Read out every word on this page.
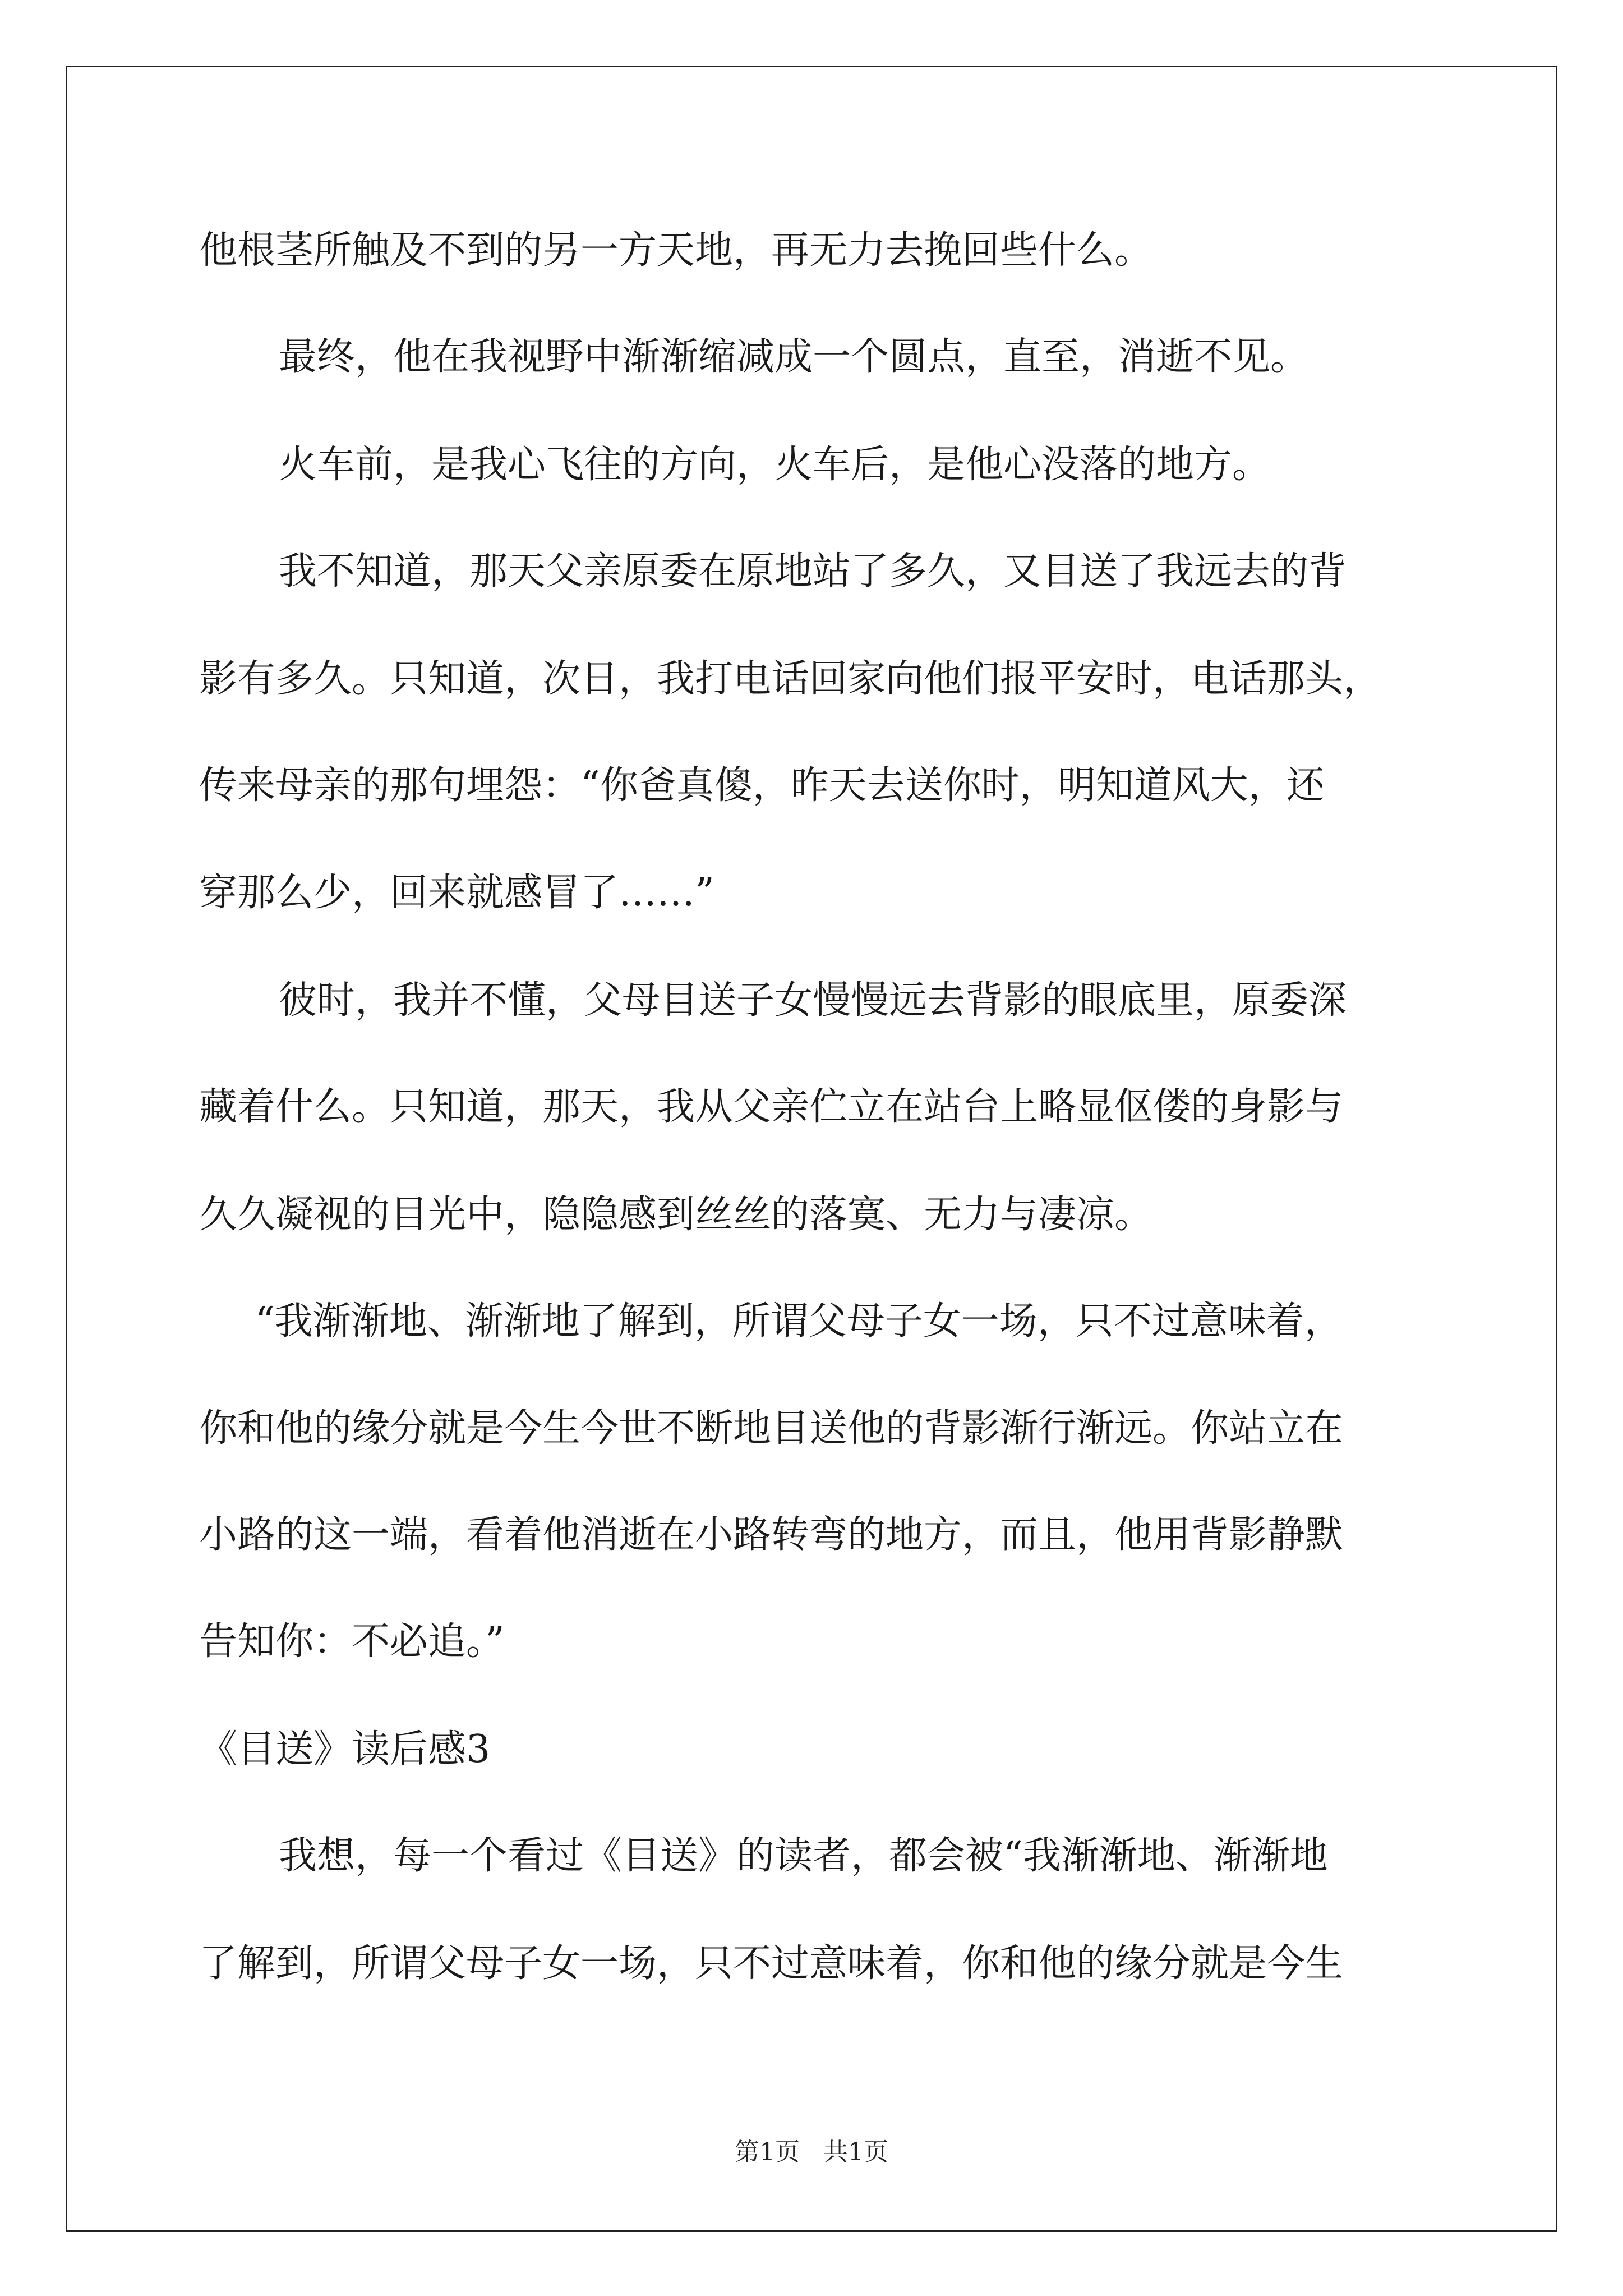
他根茎所触及不到的另一方天地，再无力去挽回些什么。
最终，他在我视野中渐渐缩减成一个圆点，直至，消逝不见。
火车前，是我心飞往的方向，火车后，是他心没落的地方。
我不知道，那天父亲原委在原地站了多久，又目送了我远去的背
影有多久。只知道，次日，我打电话回家向他们报平安时，电话那头，
传来母亲的那句埋怨：“你爸真傻，昨天去送你时，明知道风大，还
穿那么少，回来就感冒了……”
彼时，我并不懂，父母目送子女慢慢远去背影的眼底里，原委深
藏着什么。只知道，那天，我从父亲伫立在站台上略显伛偻的身影与
久久凝视的目光中，隐隐感到丝丝的落寞、无力与凄凉。
“我渐渐地、渐渐地了解到，所谓父母子女一场，只不过意味着，
你和他的缘分就是今生今世不断地目送他的背影渐行渐远。你站立在
小路的这一端，看着他消逝在小路转弯的地方，而且，他用背影静默
告知你：不必追。”
《目送》读后感3
我想，每一个看过《目送》的读者，都会被“我渐渐地、渐渐地
了解到，所谓父母子女一场，只不过意味着，你和他的缘分就是今生
第1页   共1页
